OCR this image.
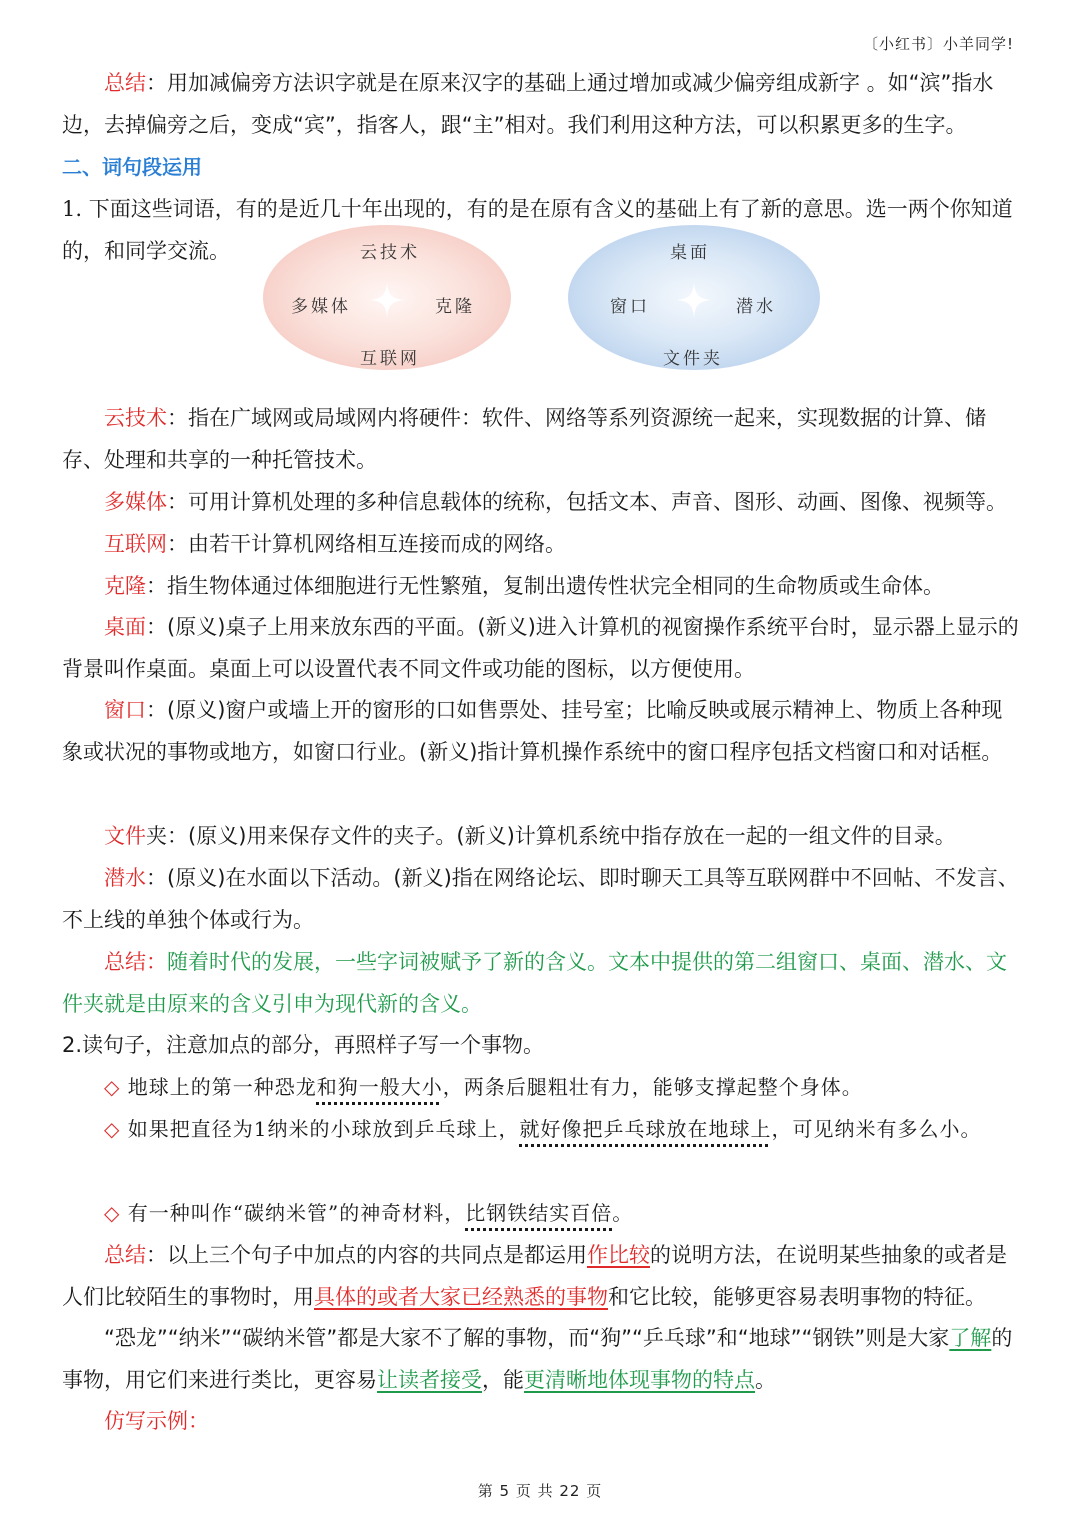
〔小红书〕小羊同学!

总结：用加减偏旁方法识字就是在原来汉字的基础上通过增加或减少偏旁组成新字 。如“滨”指水边，去掉偏旁之后，变成“宾”，指客人，跟“主”相对。我们利用这种方法，可以积累更多的生字。

二、词句段运用

1. 下面这些词语，有的是近几十年出现的，有的是在原有含义的基础上有了新的意思。选一两个你知道的，和同学交流。	云技术
多媒体	克隆
互联网
桌面
窗口	潜水
文件夹

云技术：指在广域网或局域网内将硬件：软件、网络等系列资源统一起来，实现数据的计算、储存、处理和共享的一种托管技术。

多媒体：可用计算机处理的多种信息载体的统称，包括文本、声音、图形、动画、图像、视频等。

互联网：由若干计算机网络相互连接而成的网络。

克隆：指生物体通过体细胞进行无性繁殖，复制出遗传性状完全相同的生命物质或生命体。

桌面：(原义)桌子上用来放东西的平面。(新义)进入计算机的视窗操作系统平台时，显示器上显示的背景叫作桌面。桌面上可以设置代表不同文件或功能的图标，以方便使用。

窗口：(原义)窗户或墙上开的窗形的口如售票处、挂号室；比喻反映或展示精神上、物质上各种现象或状况的事物或地方，如窗口行业。(新义)指计算机操作系统中的窗口程序包括文档窗口和对话框。

文件夹：(原义)用来保存文件的夹子。(新义)计算机系统中指存放在一起的一组文件的目录。

潜水：(原义)在水面以下活动。(新义)指在网络论坛、即时聊天工具等互联网群中不回帖、不发言、不上线的单独个体或行为。

总结：随着时代的发展，一些字词被赋予了新的含义。文本中提供的第二组窗口、桌面、潜水、文件夹就是由原来的含义引申为现代新的含义。

2.读句子，注意加点的部分，再照样子写一个事物。

◇ 地球上的第一种恐龙和狗一般大小，两条后腿粗壮有力，能够支撑起整个身体。

◇ 如果把直径为1纳米的小球放到乒乓球上，就好像把乒乓球放在地球上，可见纳米有多么小。

◇ 有一种叫作“碳纳米管”的神奇材料，比钢铁结实百倍。

总结：以上三个句子中加点的内容的共同点是都运用作比较的说明方法，在说明某些抽象的或者是人们比较陌生的事物时，用具体的或者大家已经熟悉的事物和它比较，能够更容易表明事物的特征。

“恐龙”“纳米”“碳纳米管”都是大家不了解的事物，而“狗”“乒乓球”和“地球”“钢铁”则是大家了解的事物，用它们来进行类比，更容易让读者接受，能更清晰地体现事物的特点。

仿写示例：

第 5 页 共 22 页
